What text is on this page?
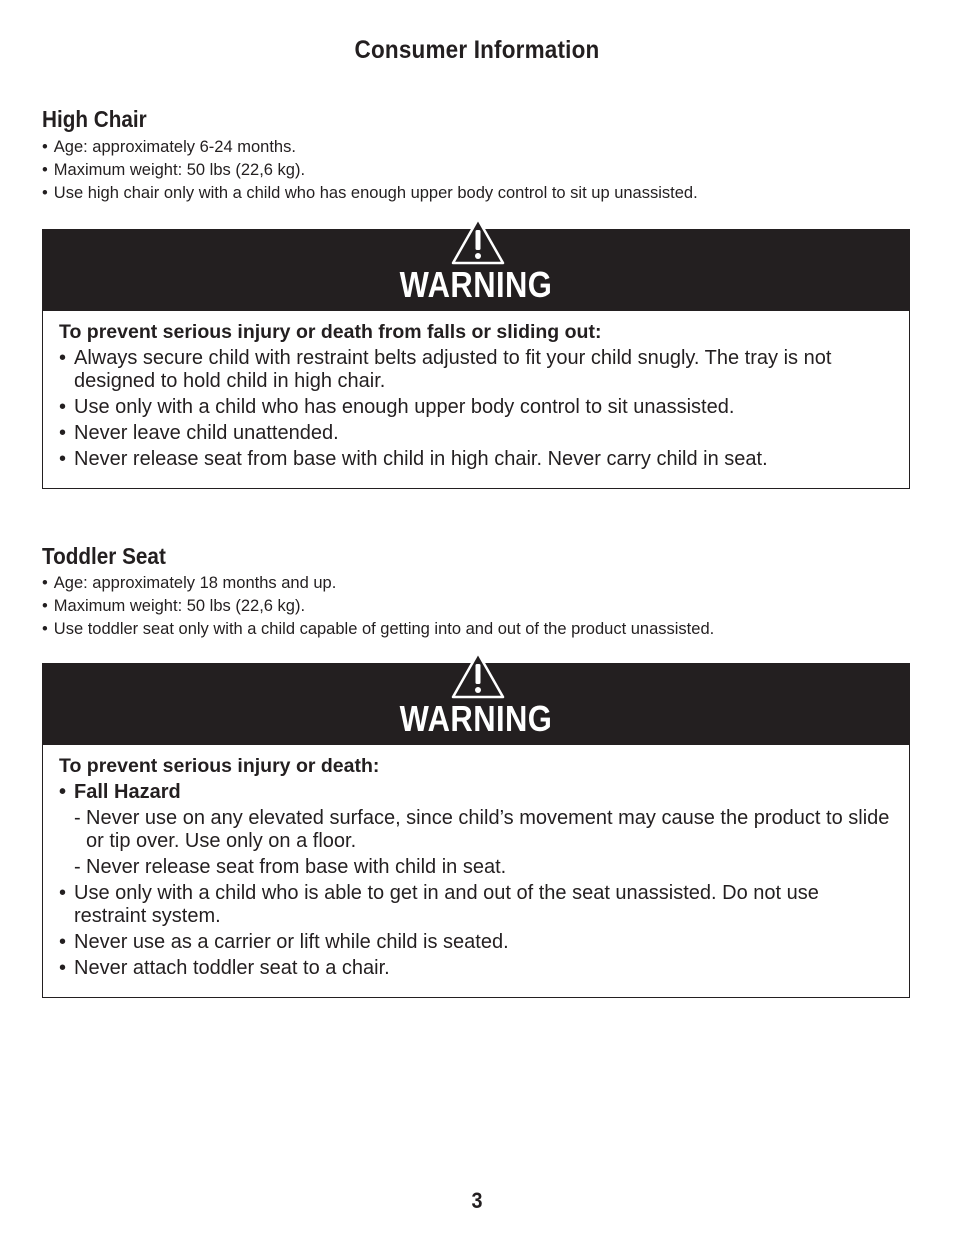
Consumer Information
High Chair
• Age: approximately 6-24 months.
• Maximum weight: 50 lbs (22,6 kg).
• Use high chair only with a child who has enough upper body control to sit up unassisted.
WARNING

To prevent serious injury or death from falls or sliding out:

• Always secure child with restraint belts adjusted to fit your child snugly. The tray is not designed to hold child in high chair.

• Use only with a child who has enough upper body control to sit unassisted.

• Never leave child unattended.

• Never release seat from base with child in high chair. Never carry child in seat.

Toddler Seat
• Age: approximately 18 months and up.
• Maximum weight: 50 lbs (22,6 kg).
• Use toddler seat only with a child capable of getting into and out of the product unassisted.
WARNING

To prevent serious injury or death:

• Fall Hazard

- Never use on any elevated surface, since child’s movement may cause the product to slide or tip over. Use only on a floor.

- Never release seat from base with child in seat.

• Use only with a child who is able to get in and out of the seat unassisted. Do not use restraint system.

• Never use as a carrier or lift while child is seated.

• Never attach toddler seat to a chair.

3
